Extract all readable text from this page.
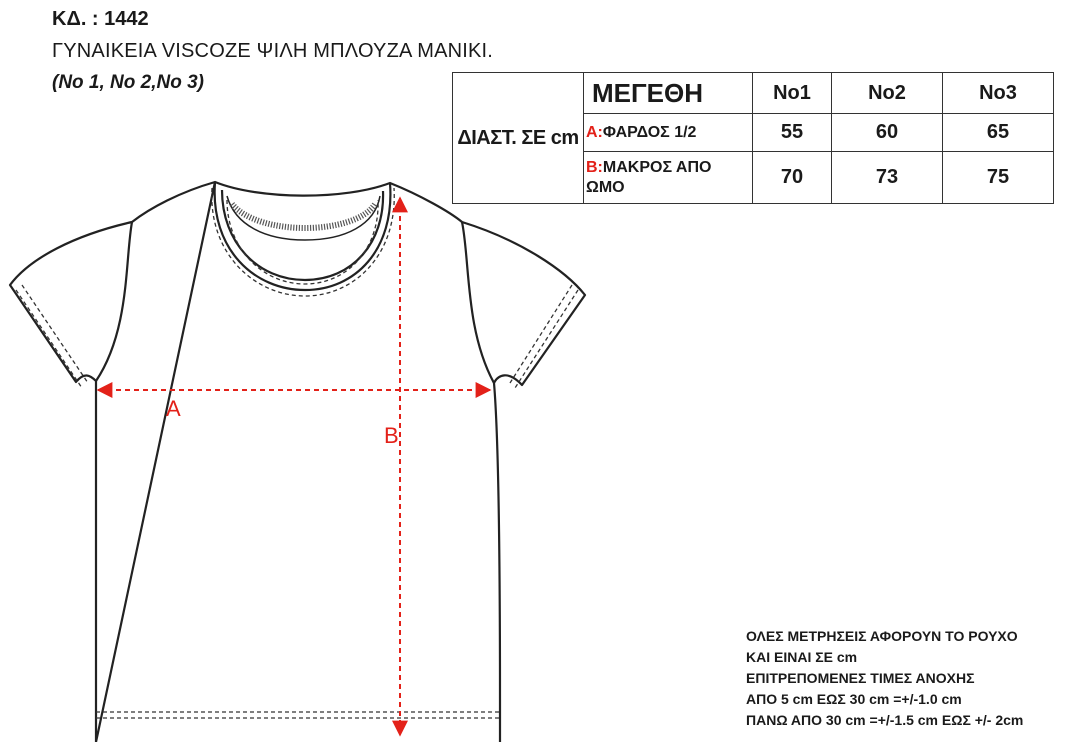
ΚΔ. : 1442
ΓΥΝΑΙΚΕΙΑ VISCOZE ΨΙΛΗ ΜΠΛΟΥΖΑ ΜΑΝΙΚΙ.
(No 1, No 2,No 3)
ΔΙΑΣΤ. ΣΕ cm	ΜΕΓΕΘΗ	No1	No2	No3
	A:ΦΑΡΔΟΣ 1/2	55	60	65
	B:ΜΑΚΡΟΣ ΑΠΟ
ΩΜΟ	70	73	75
A
B
ΟΛΕΣ ΜΕΤΡΗΣΕΙΣ ΑΦΟΡΟΥΝ ΤΟ ΡΟΥΧΟ
ΚΑΙ ΕΙΝΑΙ ΣΕ cm
ΕΠΙΤΡΕΠΟΜΕΝΕΣ ΤΙΜΕΣ ΑΝΟΧΗΣ
ΑΠΟ 5 cm ΕΩΣ 30 cm =+/-1.0 cm
ΠΑΝΩ ΑΠΟ 30 cm =+/-1.5 cm ΕΩΣ +/- 2cm
